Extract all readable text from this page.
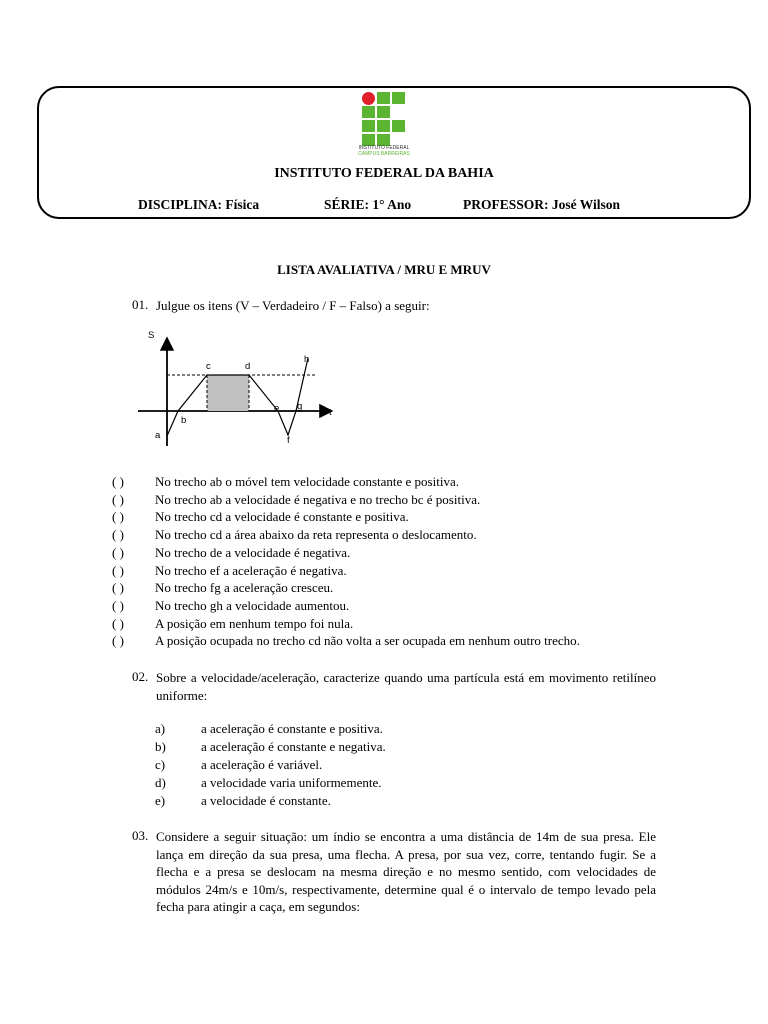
INSTITUTO FEDERAL
CAMPUS BARREIRAS
INSTITUTO FEDERAL DA BAHIA
DISCIPLINA: Física	SÉRIE: 1° Ano	PROFESSOR: José Wilson
LISTA AVALIATIVA / MRU E MRUV
01. Julgue os itens (V – Verdadeiro / F – Falso) a seguir:
S
t
a
b
c	d
e
f
g
h
( ) No trecho ab o móvel tem velocidade constante e positiva.
( ) No trecho ab a velocidade é negativa e no trecho bc é positiva.
( ) No trecho cd a velocidade é constante e positiva.
( ) No trecho cd a área abaixo da reta representa o deslocamento.
( ) No trecho de a velocidade é negativa.
( ) No trecho ef a aceleração é negativa.
( ) No trecho fg a aceleração cresceu.
( ) No trecho gh a velocidade aumentou.
( ) A posição em nenhum tempo foi nula.
( ) A posição ocupada no trecho cd não volta a ser ocupada em nenhum outro trecho.
02. Sobre a velocidade/aceleração, caracterize quando uma partícula está em movimento retilíneo uniforme:
a)	a aceleração é constante e positiva.
b)	a aceleração é constante e negativa.
c)	a aceleração é variável.
d)	a velocidade varia uniformemente.
e)	a velocidade é constante.
03. Considere a seguir situação: um índio se encontra a uma distância de 14m de sua presa. Ele lança em direção da sua presa, uma flecha. A presa, por sua vez, corre, tentando fugir. Se a flecha e a presa se deslocam na mesma direção e no mesmo sentido, com velocidades de módulos 24m/s e 10m/s, respectivamente, determine qual é o intervalo de tempo levado pela fecha para atingir a caça, em segundos:
